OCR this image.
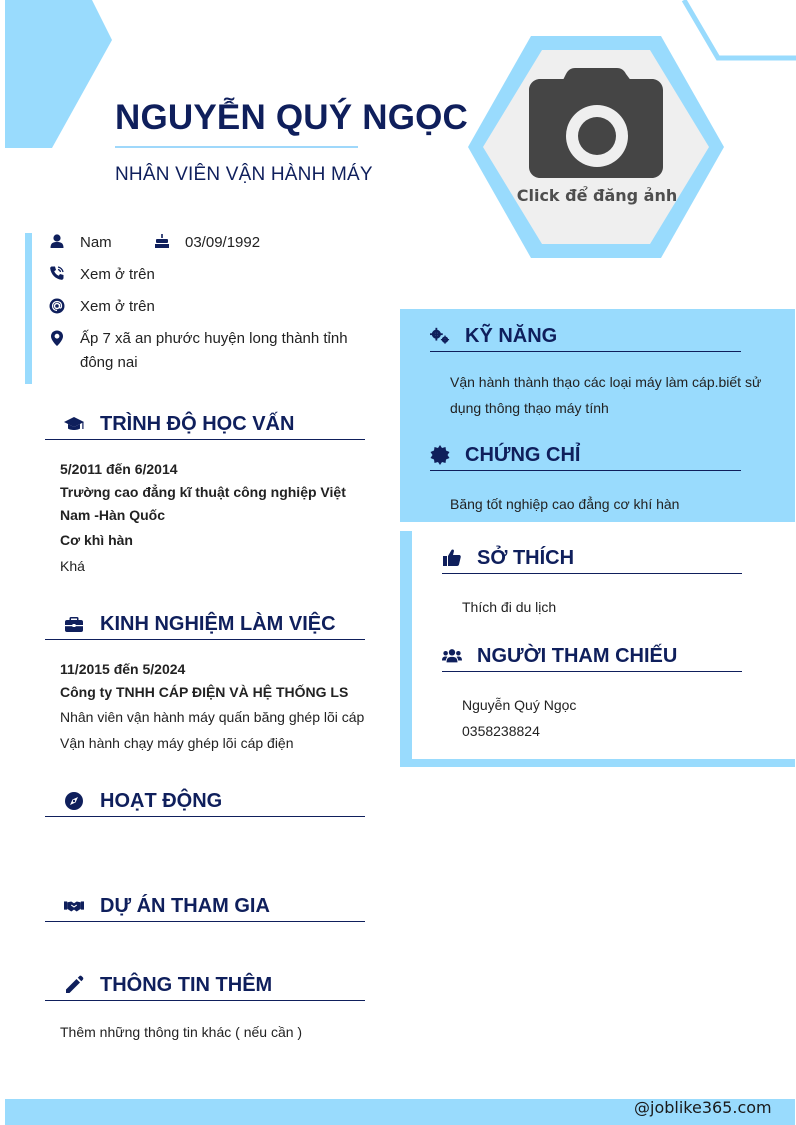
NGUYỄN QUÝ NGỌC
NHÂN VIÊN VẬN HÀNH MÁY
Click để đăng ảnh
Nam	03/09/1992
Xem ở trên
Xem ở trên
Ấp 7 xã an phước huyện long thành tỉnh đông nai
TRÌNH ĐỘ HỌC VẤN
5/2011 đến 6/2014
Trường cao đẳng kĩ thuật công nghiệp Việt Nam -Hàn Quốc
Cơ khì hàn
Khá
KINH NGHIỆM LÀM VIỆC
11/2015 đến 5/2024
Công ty TNHH CÁP ĐIỆN VÀ HỆ THỐNG LS
Nhân viên vận hành máy quấn băng ghép lõi cáp
Vận hành chạy máy ghép lõi cáp điện
HOẠT ĐỘNG
DỰ ÁN THAM GIA
THÔNG TIN THÊM
Thêm những thông tin khác ( nếu cần )
KỸ NĂNG
Vận hành thành thạo các loại máy làm cáp.biết sử dụng thông thạo máy tính
CHỨNG CHỈ
Băng tốt nghiệp cao đẳng cơ khí hàn
SỞ THÍCH
Thích đi du lịch
NGƯỜI THAM CHIẾU
Nguyễn Quý Ngọc
0358238824
@joblike365.com
